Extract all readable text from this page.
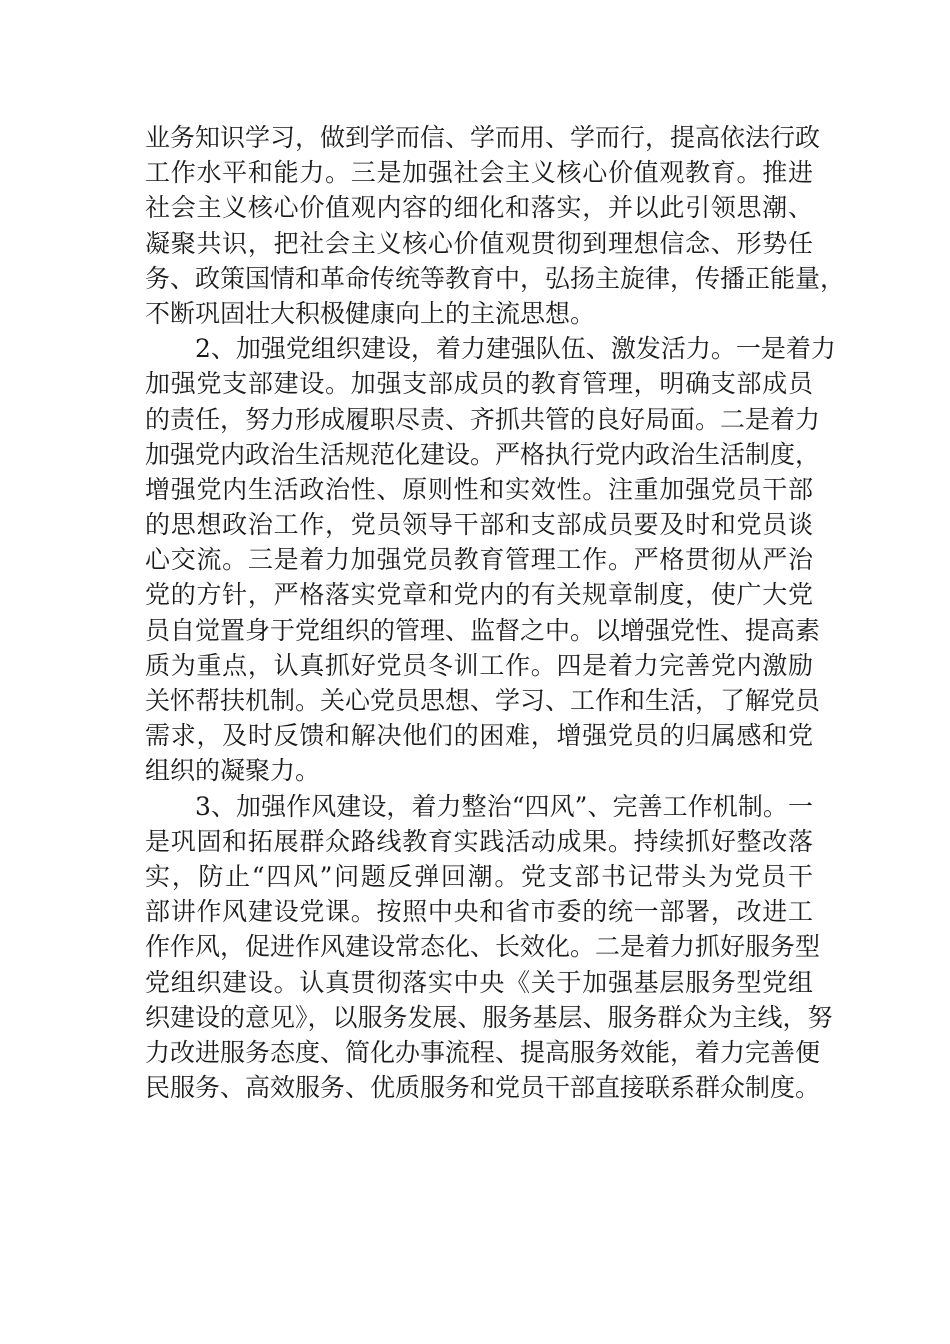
业务知识学习，做到学而信、学而用、学而行，提高依法行政
工作水平和能力。三是加强社会主义核心价值观教育。推进
社会主义核心价值观内容的细化和落实，并以此引领思潮、
凝聚共识，把社会主义核心价值观贯彻到理想信念、形势任
务、政策国情和革命传统等教育中，弘扬主旋律，传播正能量，
不断巩固壮大积极健康向上的主流思想。
2、加强党组织建设，着力建强队伍、激发活力。一是着力
加强党支部建设。加强支部成员的教育管理，明确支部成员
的责任，努力形成履职尽责、齐抓共管的良好局面。二是着力
加强党内政治生活规范化建设。严格执行党内政治生活制度，
增强党内生活政治性、原则性和实效性。注重加强党员干部
的思想政治工作，党员领导干部和支部成员要及时和党员谈
心交流。三是着力加强党员教育管理工作。严格贯彻从严治
党的方针，严格落实党章和党内的有关规章制度，使广大党
员自觉置身于党组织的管理、监督之中。以增强党性、提高素
质为重点，认真抓好党员冬训工作。四是着力完善党内激励
关怀帮扶机制。关心党员思想、学习、工作和生活，了解党员
需求，及时反馈和解决他们的困难，增强党员的归属感和党
组织的凝聚力。
3、加强作风建设，着力整治“四风”、完善工作机制。一
是巩固和拓展群众路线教育实践活动成果。持续抓好整改落
实，防止“四风”问题反弹回潮。党支部书记带头为党员干
部讲作风建设党课。按照中央和省市委的统一部署，改进工
作作风，促进作风建设常态化、长效化。二是着力抓好服务型
党组织建设。认真贯彻落实中央《关于加强基层服务型党组
织建设的意见》，以服务发展、服务基层、服务群众为主线，努
力改进服务态度、简化办事流程、提高服务效能，着力完善便
民服务、高效服务、优质服务和党员干部直接联系群众制度。
